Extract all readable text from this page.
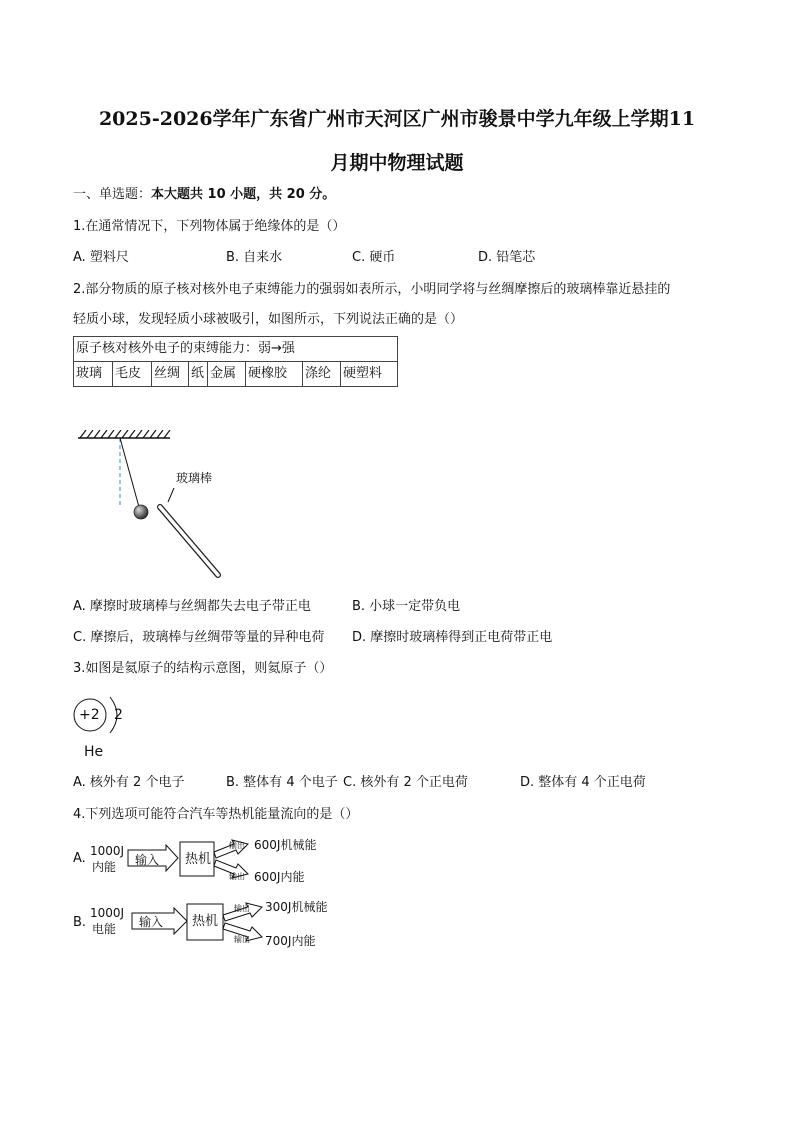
2025-2026学年广东省广州市天河区广州市骏景中学九年级上学期11
月期中物理试题
一、单选题：本大题共 10 小题，共 20 分。
1.在通常情况下，下列物体属于绝缘体的是（）
A. 塑料尺	B. 自来水	C. 硬币	D. 铅笔芯
2.部分物质的原子核对核外电子束缚能力的强弱如表所示，小明同学将与丝绸摩擦后的玻璃棒靠近悬挂的
轻质小球，发现轻质小球被吸引，如图所示，下列说法正确的是（）
原子核对核外电子的束缚能力：弱→强
玻璃	毛皮	丝绸	纸	金属	硬橡胶	涤纶	硬塑料
玻璃棒
A. 摩擦时玻璃棒与丝绸都失去电子带正电	B. 小球一定带负电
C. 摩擦后，玻璃棒与丝绸带等量的异种电荷 D. 摩擦时玻璃棒得到正电荷带正电
3.如图是氦原子的结构示意图，则氦原子（）
+2 2
He
A. 核外有 2 个电子	B. 整体有 4 个电子 C. 核外有 2 个正电荷	D. 整体有 4 个正电荷
4.下列选项可能符合汽车等热机能量流向的是（）
A. 1000J
内能 输入 热机
输出
输出
600J机械能
600J内能
B.
1000J
电能 输入 热机
输出
输出
300J机械能
700J内能
